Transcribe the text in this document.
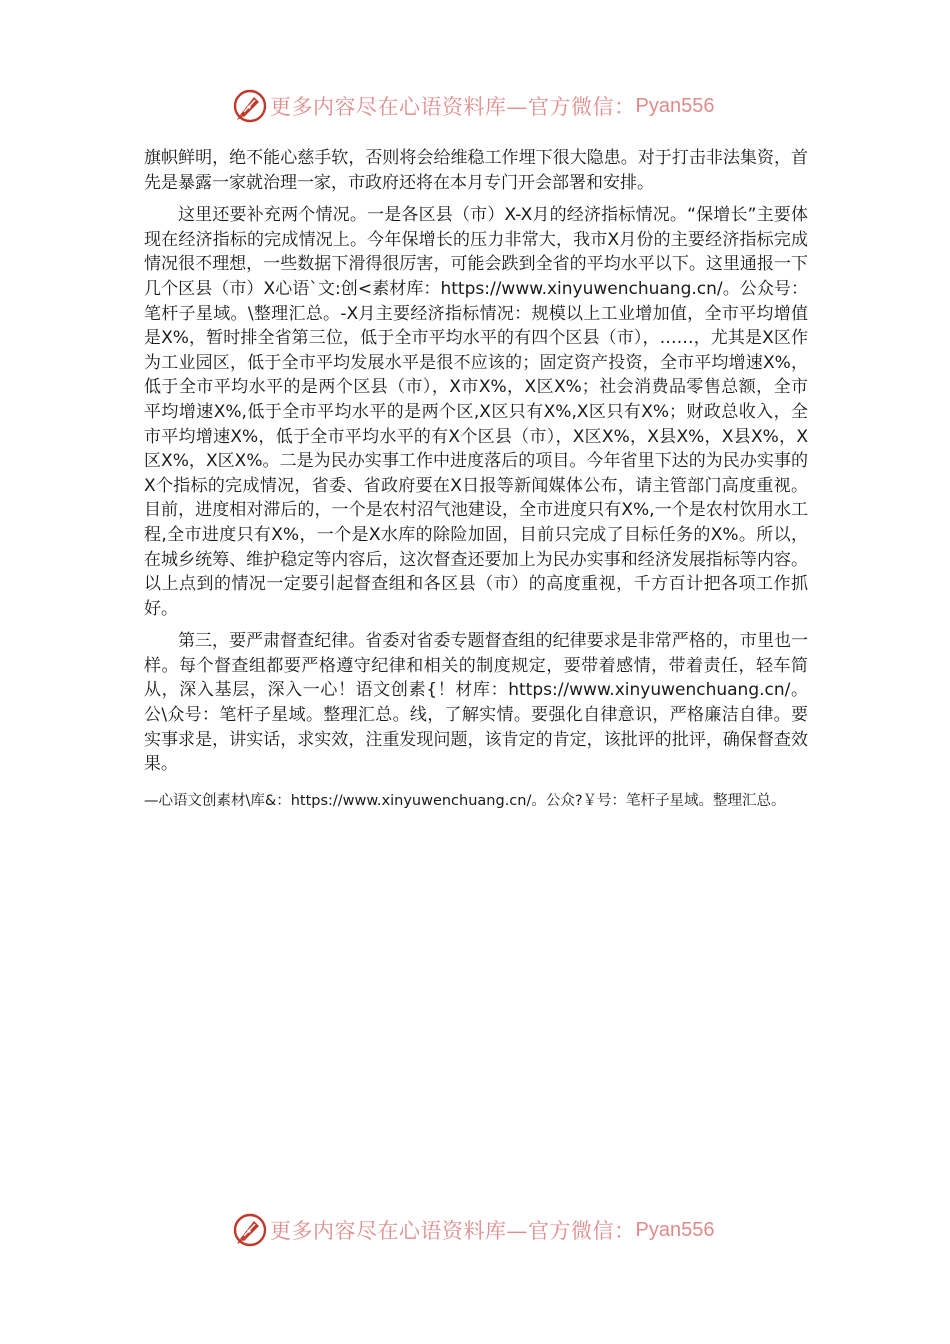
更多内容尽在心语资料库—官方微信： Pyan556

旗帜鲜明，绝不能心慈手软，否则将会给维稳工作埋下很大隐患。对于打击非法集资，首先是暴露一家就治理一家，市政府还将在本月专门开会部署和安排。

这里还要补充两个情况。一是各区县（市）X-X月的经济指标情况。“保增长”主要体现在经济指标的完成情况上。今年保增长的压力非常大，我市X月份的主要经济指标完成情况很不理想，一些数据下滑得很厉害，可能会跌到全省的平均水平以下。这里通报一下几个区县（市）X心语`文:创<素材库：https://www.xinyuwenchuang.cn/。公众号：笔杆子星域。\整理汇总。-X月主要经济指标情况：规模以上工业增加值，全市平均增值是X%，暂时排全省第三位，低于全市平均水平的有四个区县（市），……，尤其是X区作为工业园区，低于全市平均发展水平是很不应该的；固定资产投资，全市平均增速X%，低于全市平均水平的是两个区县（市），X市X%，X区X%；社会消费品零售总额，全市平均增速X%,低于全市平均水平的是两个区,X区只有X%,X区只有X%；财政总收入，全市平均增速X%，低于全市平均水平的有X个区县（市），X区X%，X县X%，X县X%，X区X%，X区X%。二是为民办实事工作中进度落后的项目。今年省里下达的为民办实事的X个指标的完成情况，省委、省政府要在X日报等新闻媒体公布，请主管部门高度重视。目前，进度相对滞后的，一个是农村沼气池建设，全市进度只有X%,一个是农村饮用水工程,全市进度只有X%，一个是X水库的除险加固，目前只完成了目标任务的X%。所以，在城乡统筹、维护稳定等内容后，这次督查还要加上为民办实事和经济发展指标等内容。以上点到的情况一定要引起督查组和各区县（市）的高度重视，千方百计把各项工作抓好。

第三，要严肃督查纪律。省委对省委专题督查组的纪律要求是非常严格的，市里也一样。每个督查组都要严格遵守纪律和相关的制度规定，要带着感情，带着责任，轻车简从，深入基层，深入一心！语文创素{！材库：https://www.xinyuwenchuang.cn/。公\众号：笔杆子星域。整理汇总。线，了解实情。要强化自律意识，严格廉洁自律。要实事求是，讲实话，求实效，注重发现问题，该肯定的肯定，该批评的批评，确保督查效果。

—心语文创素材\库&：https://www.xinyuwenchuang.cn/。公众?￥号：笔杆子星域。整理汇总。

更多内容尽在心语资料库—官方微信： Pyan556
